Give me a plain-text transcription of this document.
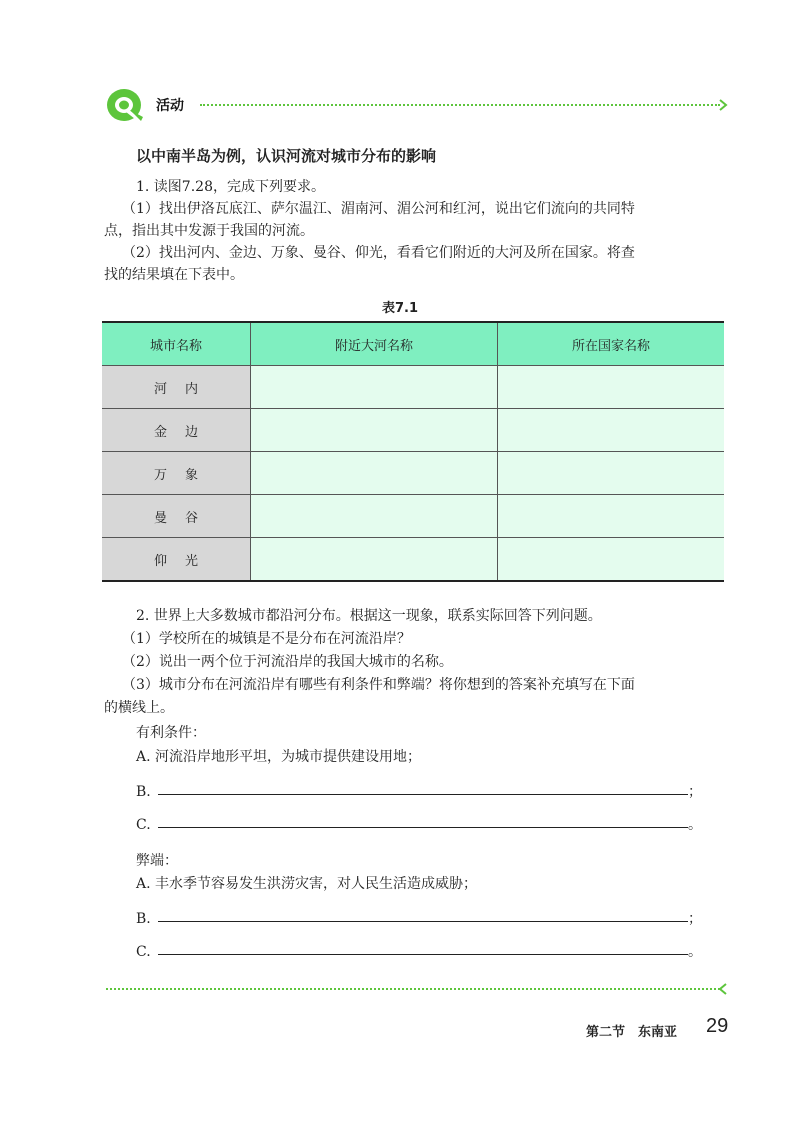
活动
以中南半岛为例，认识河流对城市分布的影响
1. 读图7.28，完成下列要求。
（1）找出伊洛瓦底江、萨尔温江、湄南河、湄公河和红河，说出它们流向的共同特
点，指出其中发源于我国的河流。
（2）找出河内、金边、万象、曼谷、仰光，看看它们附近的大河及所在国家。将查
找的结果填在下表中。
表7.1
城市名称	附近大河名称	所在国家名称
河内		
金边		
万象		
曼谷		
仰光		
2. 世界上大多数城市都沿河分布。根据这一现象，联系实际回答下列问题。
（1）学校所在的城镇是不是分布在河流沿岸？
（2）说出一两个位于河流沿岸的我国大城市的名称。
（3）城市分布在河流沿岸有哪些有利条件和弊端？将你想到的答案补充填写在下面
的横线上。
有利条件：
A. 河流沿岸地形平坦，为城市提供建设用地；
B.	；
C.	。
弊端：
A. 丰水季节容易发生洪涝灾害，对人民生活造成威胁；
B.	；
C.	。
第二节　东南亚 29
